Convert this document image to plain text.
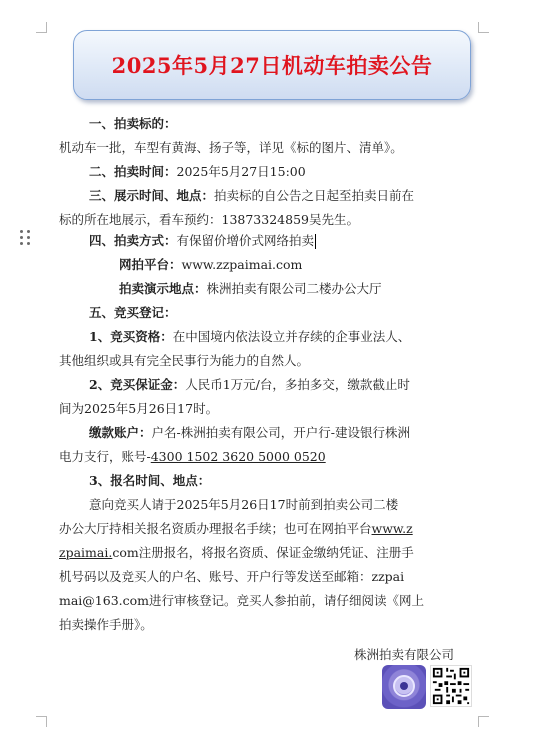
2025年5月27日机动车拍卖公告
一、拍卖标的：
机动车一批，车型有黄海、扬子等，详见《标的图片、清单》。
二、拍卖时间：2025年5月27日15:00
三、展示时间、地点：拍卖标的自公告之日起至拍卖日前在
标的所在地展示，看车预约：13873324859吴先生。
四、拍卖方式：有保留价增价式网络拍卖
网拍平台：www.zzpaimai.com
拍卖演示地点：株洲拍卖有限公司二楼办公大厅
五、竞买登记：
1、竞买资格：在中国境内依法设立并存续的企事业法人、
其他组织或具有完全民事行为能力的自然人。
2、竞买保证金：人民币1万元/台，多拍多交，缴款截止时
间为2025年5月26日17时。
缴款账户：户名-株洲拍卖有限公司，开户行-建设银行株洲
电力支行，账号-4300 1502 3620 5000 0520
3、报名时间、地点：
意向竞买人请于2025年5月26日17时前到拍卖公司二楼
办公大厅持相关报名资质办理报名手续；也可在网拍平台www.z
zpaimai.com注册报名，将报名资质、保证金缴纳凭证、注册手
机号码以及竞买人的户名、账号、开户行等发送至邮箱：zzpai
mai@163.com进行审核登记。竞买人参拍前，请仔细阅读《网上
拍卖操作手册》。
株洲拍卖有限公司
